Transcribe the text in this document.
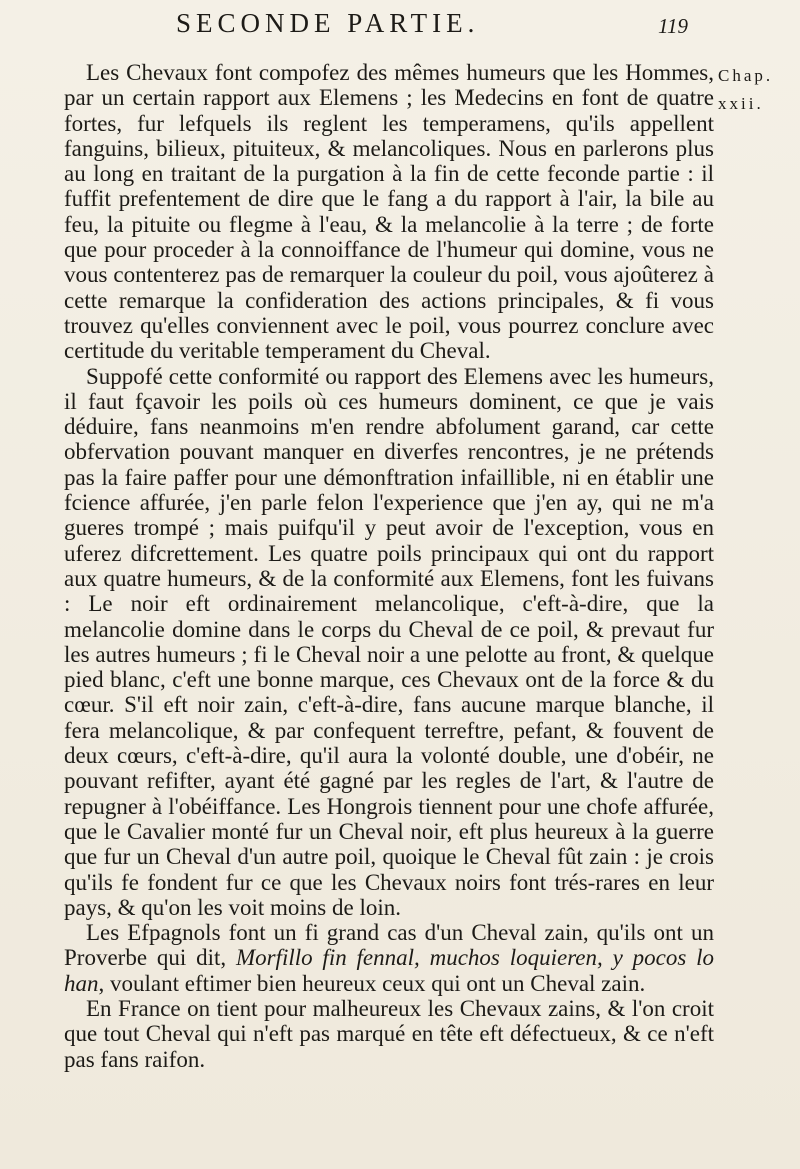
SECONDE PARTIE.	119
Chap.
xxii.

Les Chevaux font compofez des mêmes humeurs que les Hommes, par un certain rapport aux Elemens ; les Medecins en font de quatre fortes, fur lefquels ils reglent les temperamens, qu'ils appellent fanguins, bilieux, pituiteux, & melancoliques. Nous en parlerons plus au long en traitant de la purgation à la fin de cette feconde partie : il fuffit prefentement de dire que le fang a du rapport à l'air, la bile au feu, la pituite ou flegme à l'eau, & la melancolie à la terre ; de forte que pour proceder à la connoiffance de l'humeur qui domine, vous ne vous contenterez pas de remarquer la couleur du poil, vous ajoûterez à cette remarque la confideration des actions principales, & fi vous trouvez qu'elles conviennent avec le poil, vous pourrez conclure avec certitude du veritable temperament du Cheval.

Suppofé cette conformité ou rapport des Elemens avec les humeurs, il faut fçavoir les poils où ces humeurs dominent, ce que je vais déduire, fans neanmoins m'en rendre abfolument garand, car cette obfervation pouvant manquer en diverfes rencontres, je ne prétends pas la faire paffer pour une démonftration infaillible, ni en établir une fcience affurée, j'en parle felon l'experience que j'en ay, qui ne m'a gueres trompé ; mais puifqu'il y peut avoir de l'exception, vous en uferez difcrettement. Les quatre poils principaux qui ont du rapport aux quatre humeurs, & de la conformité aux Elemens, font les fuivans : Le noir eft ordinairement melancolique, c'eft-à-dire, que la melancolie domine dans le corps du Cheval de ce poil, & prevaut fur les autres humeurs ; fi le Cheval noir a une pelotte au front, & quelque pied blanc, c'eft une bonne marque, ces Chevaux ont de la force & du cœur. S'il eft noir zain, c'eft-à-dire, fans aucune marque blanche, il fera melancolique, & par confequent terreftre, pefant, & fouvent de deux cœurs, c'eft-à-dire, qu'il aura la volonté double, une d'obéir, ne pouvant refifter, ayant été gagné par les regles de l'art, & l'autre de repugner à l'obéiffance. Les Hongrois tiennent pour une chofe affurée, que le Cavalier monté fur un Cheval noir, eft plus heureux à la guerre que fur un Cheval d'un autre poil, quoique le Cheval fût zain : je crois qu'ils fe fondent fur ce que les Chevaux noirs font trés-rares en leur pays, & qu'on les voit moins de loin.

Les Efpagnols font un fi grand cas d'un Cheval zain, qu'ils ont un Proverbe qui dit, Morfillo fin fennal, muchos loquieren, y pocos lo han, voulant eftimer bien heureux ceux qui ont un Cheval zain.

En France on tient pour malheureux les Chevaux zains, & l'on croit que tout Cheval qui n'eft pas marqué en tête eft défectueux, & ce n'eft pas fans raifon.
